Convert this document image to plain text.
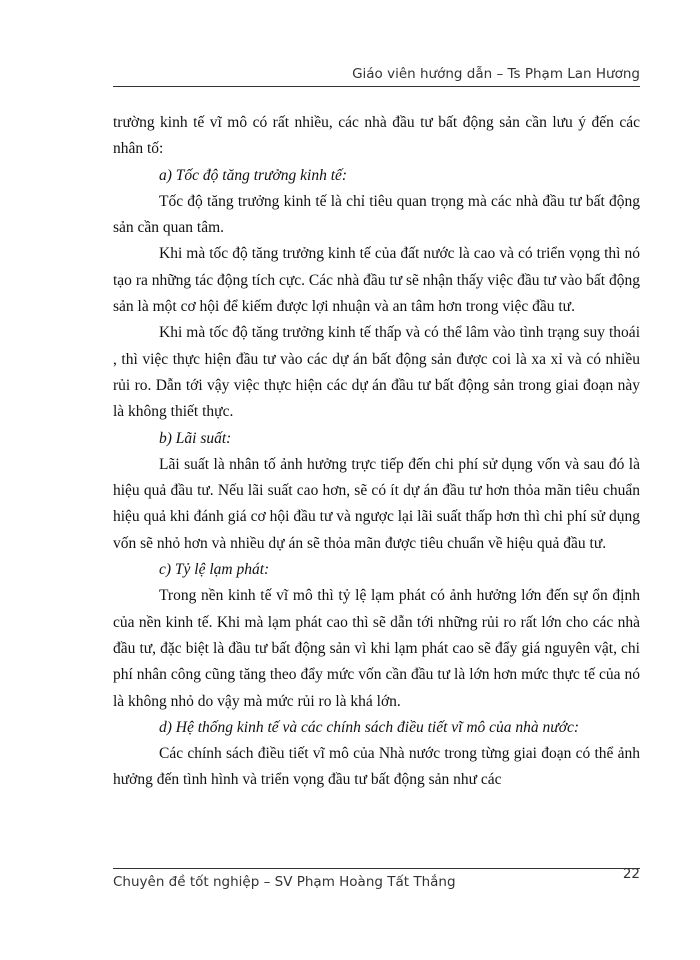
Giáo viên hướng dẫn – Ts Phạm Lan Hương

trường kinh tế vĩ mô có rất nhiều, các nhà đầu tư bất động sản cần lưu ý đến các nhân tố:

a) Tốc độ tăng trưởng kinh tế:

Tốc độ tăng trưởng kinh tế là chỉ tiêu quan trọng mà các nhà đầu tư bất động sản cần quan tâm.

Khi mà tốc độ tăng trưởng kinh tế của đất nước là cao và có triển vọng thì nó tạo ra những tác động tích cực. Các nhà đầu tư sẽ nhận thấy việc đầu tư vào bất động sản là một cơ hội để kiếm được lợi nhuận và an tâm hơn trong việc đầu tư.

Khi mà tốc độ tăng trưởng kinh tế thấp và có thể lâm vào tình trạng suy thoái , thì việc thực hiện đầu tư vào các dự án bất động sản được coi là xa xỉ và có nhiều rủi ro. Dẫn tới vậy việc thực hiện các dự án đầu tư bất động sản trong giai đoạn này là không thiết thực.

b) Lãi suất:

Lãi suất là nhân tố ảnh hưởng trực tiếp đến chi phí sử dụng vốn và sau đó là hiệu quả đầu tư. Nếu lãi suất cao hơn, sẽ có ít dự án đầu tư hơn thỏa mãn tiêu chuẩn hiệu quả khi đánh giá cơ hội đầu tư và ngược lại lãi suất thấp hơn thì chi phí sử dụng vốn sẽ nhỏ hơn và nhiều dự án sẽ thỏa mãn được tiêu chuẩn về hiệu quả đầu tư.

c) Tỷ lệ lạm phát:

Trong nền kinh tế vĩ mô thì tỷ lệ lạm phát có ảnh hưởng lớn đến sự ổn định của nền kinh tế. Khi mà lạm phát cao thì sẽ dẫn tới những rủi ro rất lớn cho các nhà đầu tư, đặc biệt là đầu tư bất động sản vì khi lạm phát cao sẽ đẩy giá nguyên vật, chi phí nhân công cũng tăng theo đẩy mức vốn cần đầu tư là lớn hơn mức thực tế của nó là không nhỏ do vậy mà mức rủi ro là khá lớn.

d) Hệ thống kinh tế và các chính sách điều tiết vĩ mô của nhà nước:

Các chính sách điều tiết vĩ mô của Nhà nước trong từng giai đoạn có thể ảnh hưởng đến tình hình và triển vọng đầu tư bất động sản như các

Chuyên đề tốt nghiệp – SV Phạm Hoàng Tất Thắng	22
